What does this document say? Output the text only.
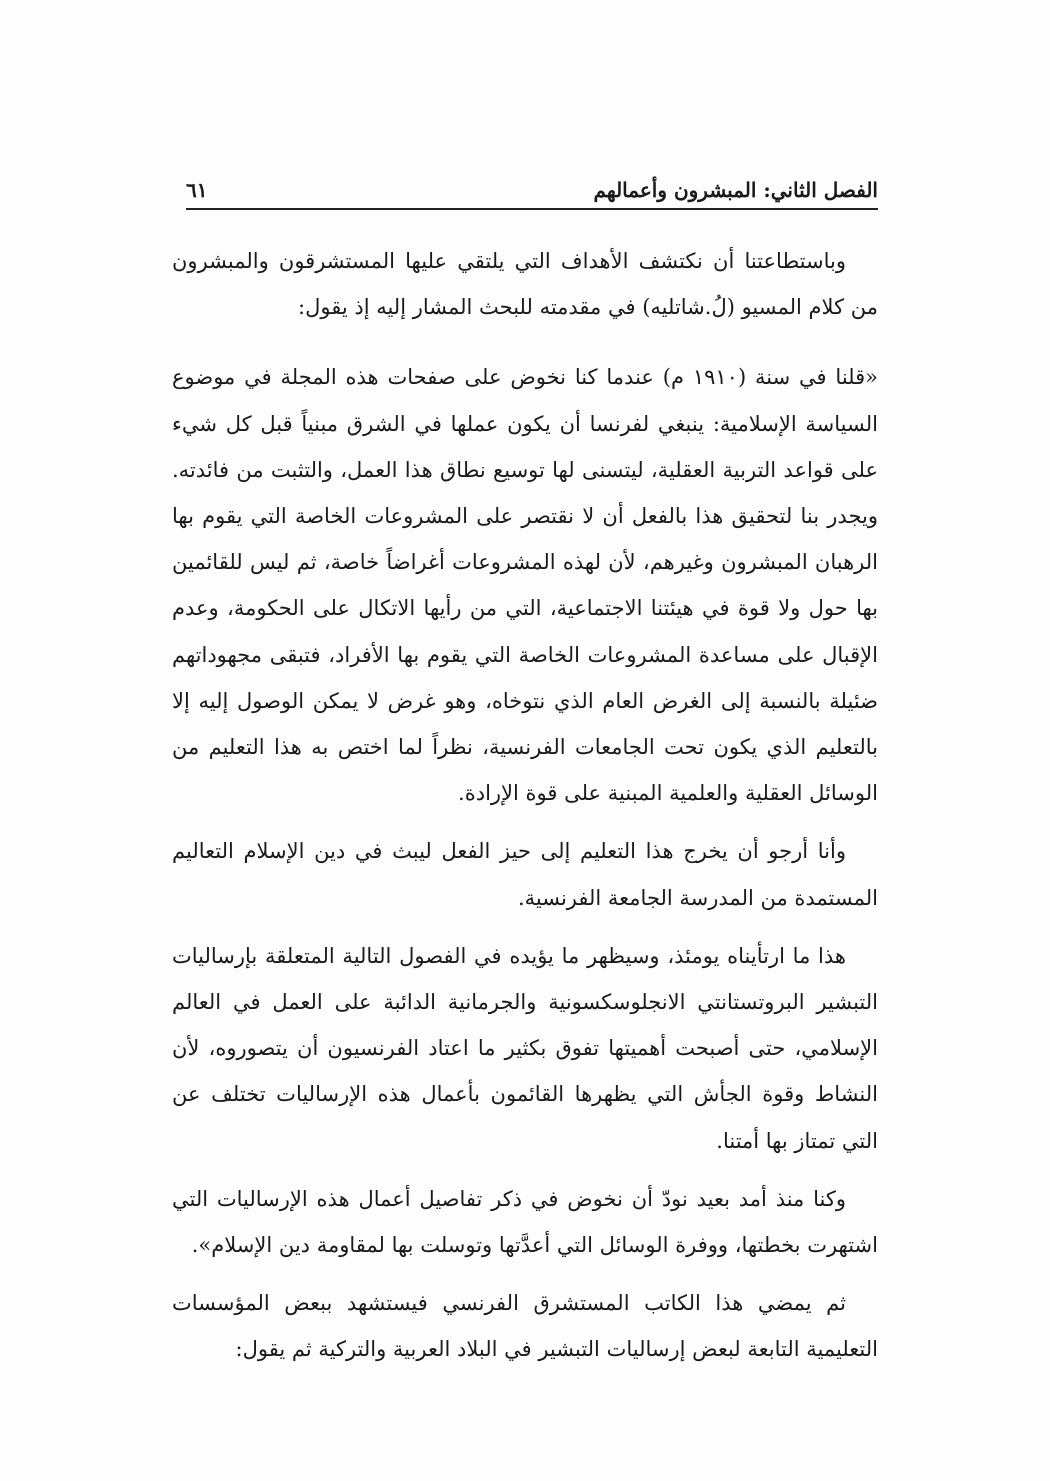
الفصل الثاني: المبشرون وأعمالهم
٦١

وباستطاعتنا أن نكتشف الأهداف التي يلتقي عليها المستشرقون والمبشرون من كلام المسيو (لُ.شاتليه) في مقدمته للبحث المشار إليه إذ يقول:

«قلنا في سنة (١٩١٠ م) عندما كنا نخوض على صفحات هذه المجلة في موضوع السياسة الإسلامية: ينبغي لفرنسا أن يكون عملها في الشرق مبنياً قبل كل شيء على قواعد التربية العقلية، ليتسنى لها توسيع نطاق هذا العمل، والتثبت من فائدته. ويجدر بنا لتحقيق هذا بالفعل أن لا نقتصر على المشروعات الخاصة التي يقوم بها الرهبان المبشرون وغيرهم، لأن لهذه المشروعات أغراضاً خاصة، ثم ليس للقائمين بها حول ولا قوة في هيئتنا الاجتماعية، التي من رأيها الاتكال على الحكومة، وعدم الإقبال على مساعدة المشروعات الخاصة التي يقوم بها الأفراد، فتبقى مجهوداتهم ضئيلة بالنسبة إلى الغرض العام الذي نتوخاه، وهو غرض لا يمكن الوصول إليه إلا بالتعليم الذي يكون تحت الجامعات الفرنسية، نظراً لما اختص به هذا التعليم من الوسائل العقلية والعلمية المبنية على قوة الإرادة.

وأنا أرجو أن يخرج هذا التعليم إلى حيز الفعل ليبث في دين الإسلام التعاليم المستمدة من المدرسة الجامعة الفرنسية.

هذا ما ارتأيناه يومئذ، وسيظهر ما يؤيده في الفصول التالية المتعلقة بإرساليات التبشير البروتستانتي الانجلوسكسونية والجرمانية الدائبة على العمل في العالم الإسلامي، حتى أصبحت أهميتها تفوق بكثير ما اعتاد الفرنسيون أن يتصوروه، لأن النشاط وقوة الجأش التي يظهرها القائمون بأعمال هذه الإرساليات تختلف عن التي تمتاز بها أمتنا.

وكنا منذ أمد بعيد نودّ أن نخوض في ذكر تفاصيل أعمال هذه الإرساليات التي اشتهرت بخطتها، ووفرة الوسائل التي أعدَّتها وتوسلت بها لمقاومة دين الإسلام».

ثم يمضي هذا الكاتب المستشرق الفرنسي فيستشهد ببعض المؤسسات التعليمية التابعة لبعض إرساليات التبشير في البلاد العربية والتركية ثم يقول:
